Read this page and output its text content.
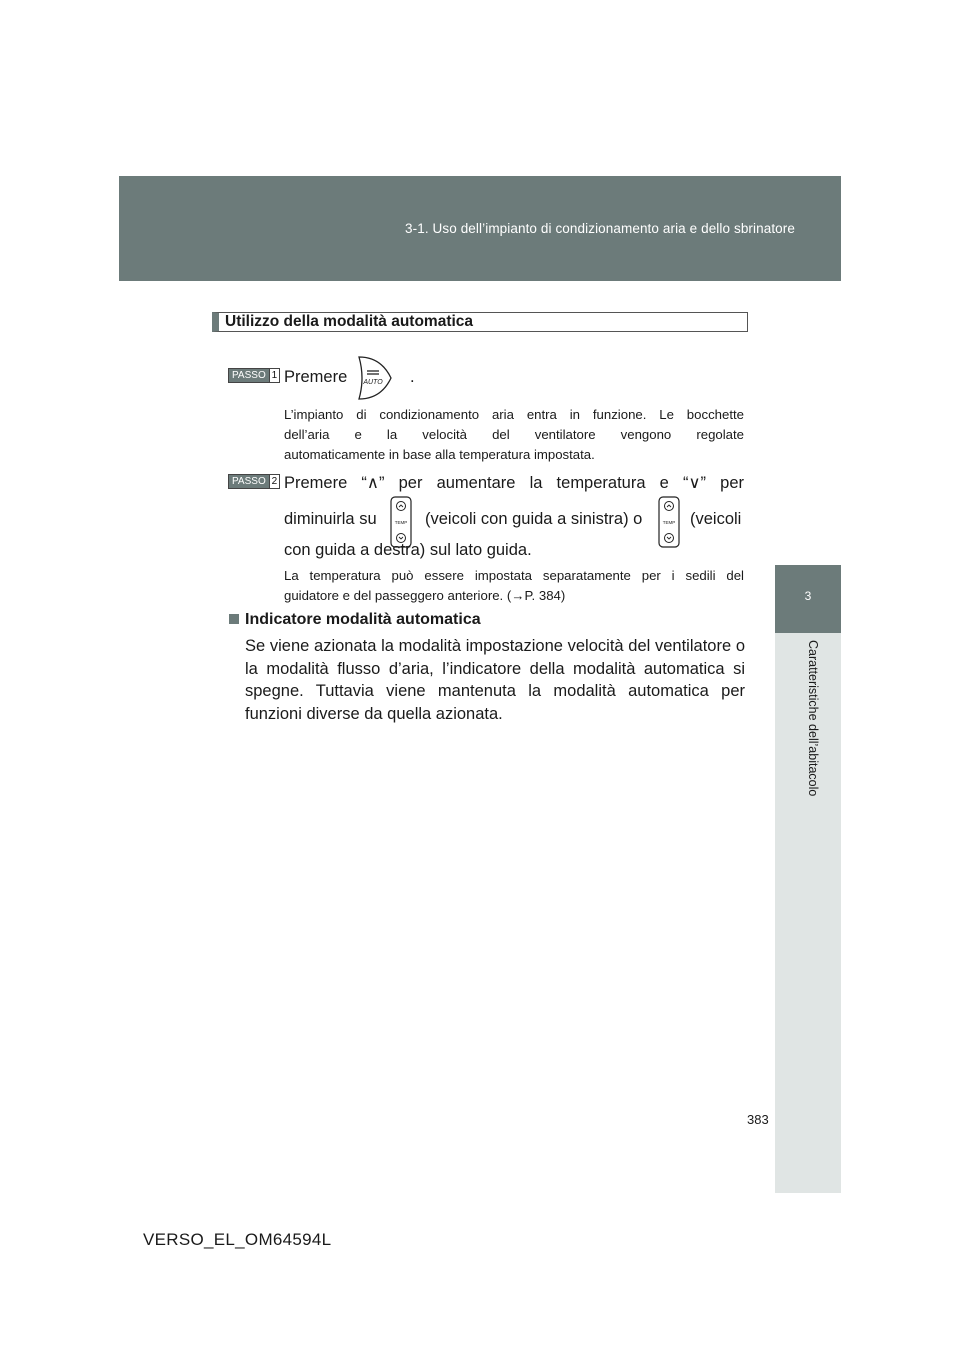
3-1. Uso dell’impianto di condizionamento aria e dello sbrinatore
3
Caratteristiche dell’abitacolo
Utilizzo della modalità automatica
PASSO 1 Premere AUTO .
L’impianto di condizionamento aria entra in funzione. Le bocchette
dell’aria e la velocità del ventilatore vengono regolate
automaticamente in base alla temperatura impostata.
PASSO 2 Premere “∧” per aumentare la temperatura e “∨” per
diminuirla su	TEMP (veicoli con guida a sinistra) o	TEMP (veicoli
con guida a destra) sul lato guida.
La temperatura può essere impostata separatamente per i sedili del
guidatore e del passeggero anteriore. (→P. 384)
Indicatore modalità automatica
Se viene azionata la modalità impostazione velocità del ventilatore o la modalità flusso d’aria, l’indicatore della modalità automatica si spegne. Tuttavia viene mantenuta la modalità automatica per funzioni diverse da quella azionata.
383
VERSO_EL_OM64594L
